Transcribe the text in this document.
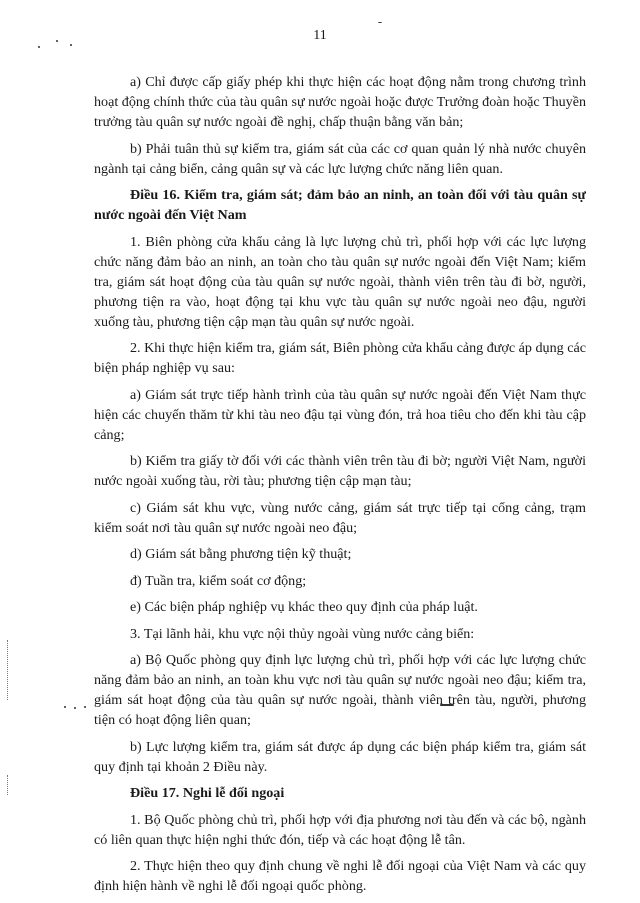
11

a) Chỉ được cấp giấy phép khi thực hiện các hoạt động nằm trong chương trình hoạt động chính thức của tàu quân sự nước ngoài hoặc được Trưởng đoàn hoặc Thuyền trưởng tàu quân sự nước ngoài đề nghị, chấp thuận bằng văn bản;

b) Phải tuân thủ sự kiểm tra, giám sát của các cơ quan quản lý nhà nước chuyên ngành tại cảng biển, cảng quân sự và các lực lượng chức năng liên quan.

Điều 16. Kiểm tra, giám sát; đảm bảo an ninh, an toàn đối với tàu quân sự nước ngoài đến Việt Nam

1. Biên phòng cửa khẩu cảng là lực lượng chủ trì, phối hợp với các lực lượng chức năng đảm bảo an ninh, an toàn cho tàu quân sự nước ngoài đến Việt Nam; kiểm tra, giám sát hoạt động của tàu quân sự nước ngoài, thành viên trên tàu đi bờ, người, phương tiện ra vào, hoạt động tại khu vực tàu quân sự nước ngoài neo đậu, người xuống tàu, phương tiện cập mạn tàu quân sự nước ngoài.

2. Khi thực hiện kiểm tra, giám sát, Biên phòng cửa khẩu cảng được áp dụng các biện pháp nghiệp vụ sau:

a) Giám sát trực tiếp hành trình của tàu quân sự nước ngoài đến Việt Nam thực hiện các chuyến thăm từ khi tàu neo đậu tại vùng đón, trả hoa tiêu cho đến khi tàu cập cảng;

b) Kiểm tra giấy tờ đối với các thành viên trên tàu đi bờ; người Việt Nam, người nước ngoài xuống tàu, rời tàu; phương tiện cập mạn tàu;

c) Giám sát khu vực, vùng nước cảng, giám sát trực tiếp tại cổng cảng, trạm kiểm soát nơi tàu quân sự nước ngoài neo đậu;

d) Giám sát bằng phương tiện kỹ thuật;

đ) Tuần tra, kiểm soát cơ động;

e) Các biện pháp nghiệp vụ khác theo quy định của pháp luật.

3. Tại lãnh hải, khu vực nội thủy ngoài vùng nước cảng biển:

a) Bộ Quốc phòng quy định lực lượng chủ trì, phối hợp với các lực lượng chức năng đảm bảo an ninh, an toàn khu vực nơi tàu quân sự nước ngoài neo đậu; kiểm tra, giám sát hoạt động của tàu quân sự nước ngoài, thành viên trên tàu, người, phương tiện có hoạt động liên quan;

b) Lực lượng kiểm tra, giám sát được áp dụng các biện pháp kiểm tra, giám sát quy định tại khoản 2 Điều này.

Điều 17. Nghi lễ đối ngoại

1. Bộ Quốc phòng chủ trì, phối hợp với địa phương nơi tàu đến và các bộ, ngành có liên quan thực hiện nghi thức đón, tiếp và các hoạt động lễ tân.

2. Thực hiện theo quy định chung về nghi lễ đối ngoại của Việt Nam và các quy định hiện hành về nghi lễ đối ngoại quốc phòng.
